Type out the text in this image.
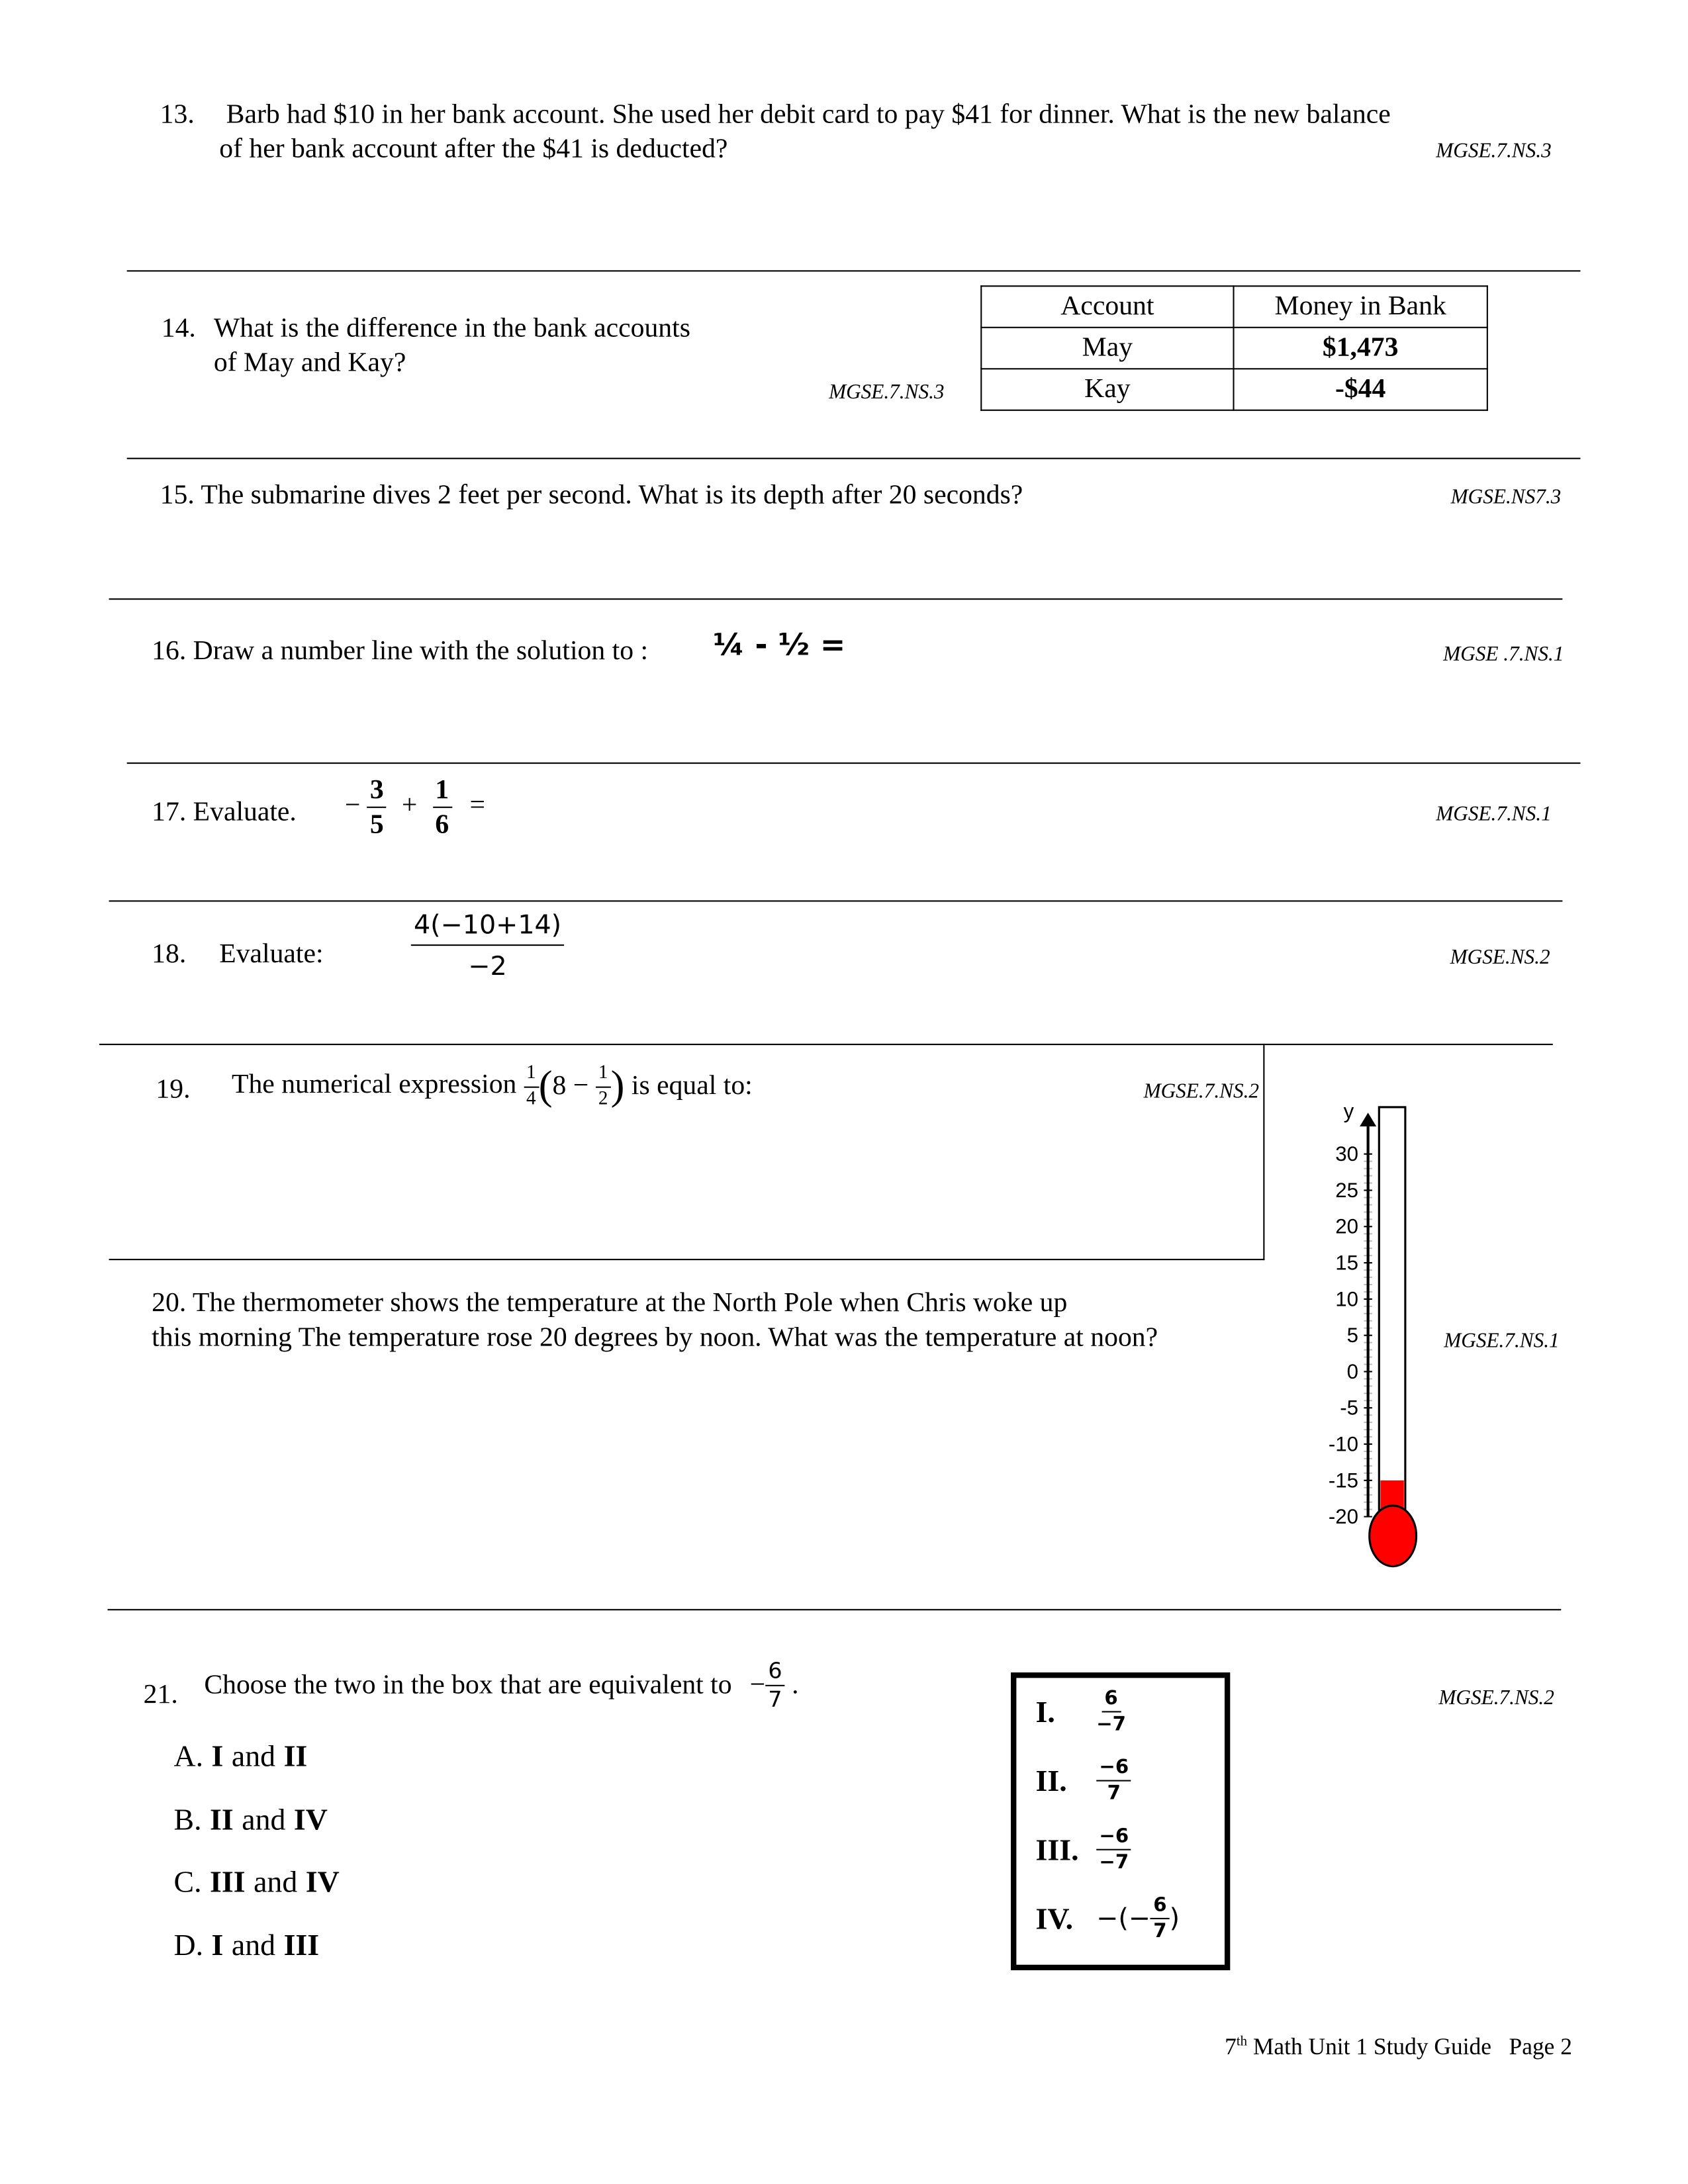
13. Barb had $10 in her bank account. She used her debit card to pay $41 for dinner. What is the new balance
of her bank account after the $41 is deducted?	MGSE.7.NS.3
14. What is the difference in the bank accounts
of May and Kay?
MGSE.7.NS.3
Account	Money in Bank
May	$1,473
Kay	-$44
15. The submarine dives 2 feet per second. What is its depth after 20 seconds?	MGSE.NS7.3
16. Draw a number line with the solution to :	¼ - ½ =	MGSE .7.NS.1
17. Evaluate.	− $\frac{3}{5} + \frac{1}{6}$ =	MGSE.7.NS.1
18. Evaluate:	$\frac{4(-10+14)}{-2}$	MGSE.NS.2
19.	The numerical expression $\frac{1}{4} (8 - \frac{1}{2}$ ) is equal to:	MGSE.7.NS.2
20. The thermometer shows the temperature at the North Pole when Chris woke up
this morning The temperature rose 20 degrees by noon. What was the temperature at noon?	MGSE.7.NS.1
y
30
25
20
15
10
5
0
-5
-10
-15
-20
21. Choose the two in the box that are equivalent to − $\frac{6}{7}$ .	MGSE.7.NS.2
A. I and II
B. II and IV
C. III and IV
D. I and III
I.	$\frac{6}{-7}$
II.	$\frac{-6}{7}$
III. $\frac{-6}{-7}$
IV. −(− $\frac{6}{7}$ )
7th Math Unit 1 Study Guide Page 2
